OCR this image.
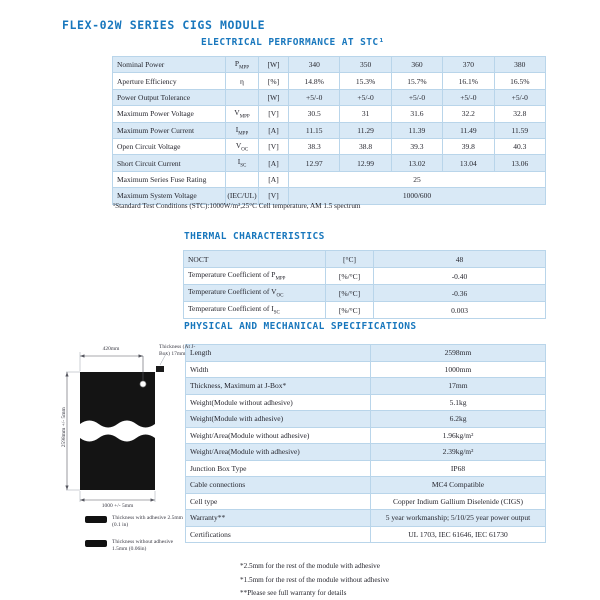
FLEX-02W SERIES CIGS MODULE
ELECTRICAL PERFORMANCE AT STC¹
Nominal Power	$P_{MPP}$	[W]	340	350	360	370	380
Aperture Efficiency	η	[%]	14.8%	15.3%	15.7%	16.1%	16.5%
Power Output Tolerance		[W]	+5/-0	+5/-0	+5/-0	+5/-0	+5/-0
Maximum Power Voltage	$V_{MPP}$	[V]	30.5	31	31.6	32.2	32.8
Maximum Power Current	$I_{MPP}$	[A]	11.15	11.29	11.39	11.49	11.59
Open Circuit Voltage	$V_{OC}$	[V]	38.3	38.8	39.3	39.8	40.3
Short Circuit Current	$I_{SC}$	[A]	12.97	12.99	13.02	13.04	13.06
Maximum Series Fuse Rating		[A]	25				
Maximum System Voltage	(IEC/UL)	[V]	1000/600				
¹Standard Test Conditions (STC):1000W/m²,25°C Cell temperature, AM 1.5 spectrum
THERMAL CHARACTERISTICS
NOCT	[°C]	48
Temperature Coefficient of $P_{MPP}$	[%/°C]	-0.40
Temperature Coefficient of $V_{OC}$	[%/°C]	-0.36
Temperature Coefficient of $I_{SC}$	[%/°C]	0.003
PHYSICAL AND MECHANICAL SPECIFICATIONS
Length	2598mm
Width	1000mm
Thickness, Maximum at J-Box*	17mm
Weight(Module without adhesive)	5.1kg
Weight(Module with adhesive)	6.2kg
Weight/Area(Module without adhesive)	1.96kg/m²
Weight/Area(Module with adhesive)	2.39kg/m²
Junction Box Type	IP68
Cable connections	MC4 Compatible
Cell type	Copper Indium Gallium Diselenide (CIGS)
Warranty**	5 year workmanship; 5/10/25 year power output
Certifications	UL 1703, IEC 61646, IEC 61730
420mm	Thickness (At J-Box) 17mm
2598mm +/- 5mm
1000 +/- 5mm
Thickness with adhesive 2.5mm (0.1 in)
Thickness without adhesive 1.5mm (0.06in)
*2.5mm for the rest of the module with adhesive
*1.5mm for the rest of the module without adhesive
**Please see full warranty for details
